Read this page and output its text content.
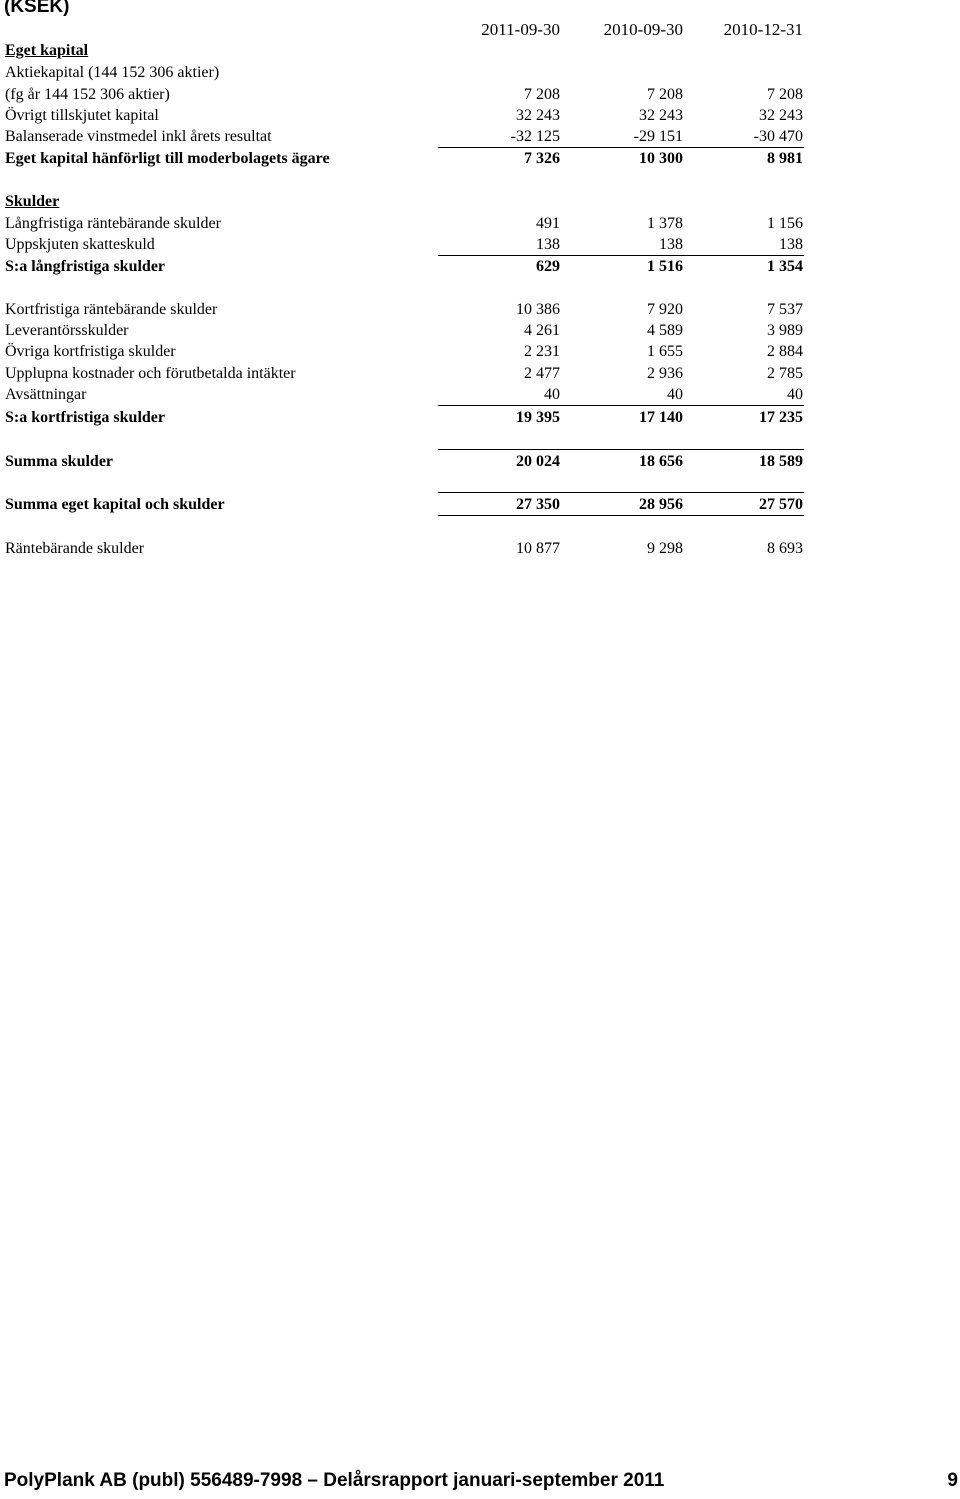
(KSEK)
2011-09-30	2010-09-30	2010-12-31
Eget kapital
Aktiekapital (144 152 306 aktier)
(fg år 144 152 306 aktier)	7 208	7 208	7 208
Övrigt tillskjutet kapital	32 243	32 243	32 243
Balanserade vinstmedel inkl årets resultat	-32 125	-29 151	-30 470
Eget kapital hänförligt till moderbolagets ägare	7 326	10 300	8 981
Skulder
Långfristiga räntebärande skulder	491	1 378	1 156
Uppskjuten skatteskuld	138	138	138
S:a långfristiga skulder	629	1 516	1 354
Kortfristiga räntebärande skulder	10 386	7 920	7 537
Leverantörsskulder	4 261	4 589	3 989
Övriga kortfristiga skulder	2 231	1 655	2 884
Upplupna kostnader och förutbetalda intäkter	2 477	2 936	2 785
Avsättningar	40	40	40
S:a kortfristiga skulder	19 395	17 140	17 235
Summa skulder	20 024	18 656	18 589
Summa eget kapital och skulder	27 350	28 956	27 570
Räntebärande skulder	10 877	9 298	8 693
PolyPlank AB (publ) 556489-7998 – Delårsrapport januari-september 2011	9
